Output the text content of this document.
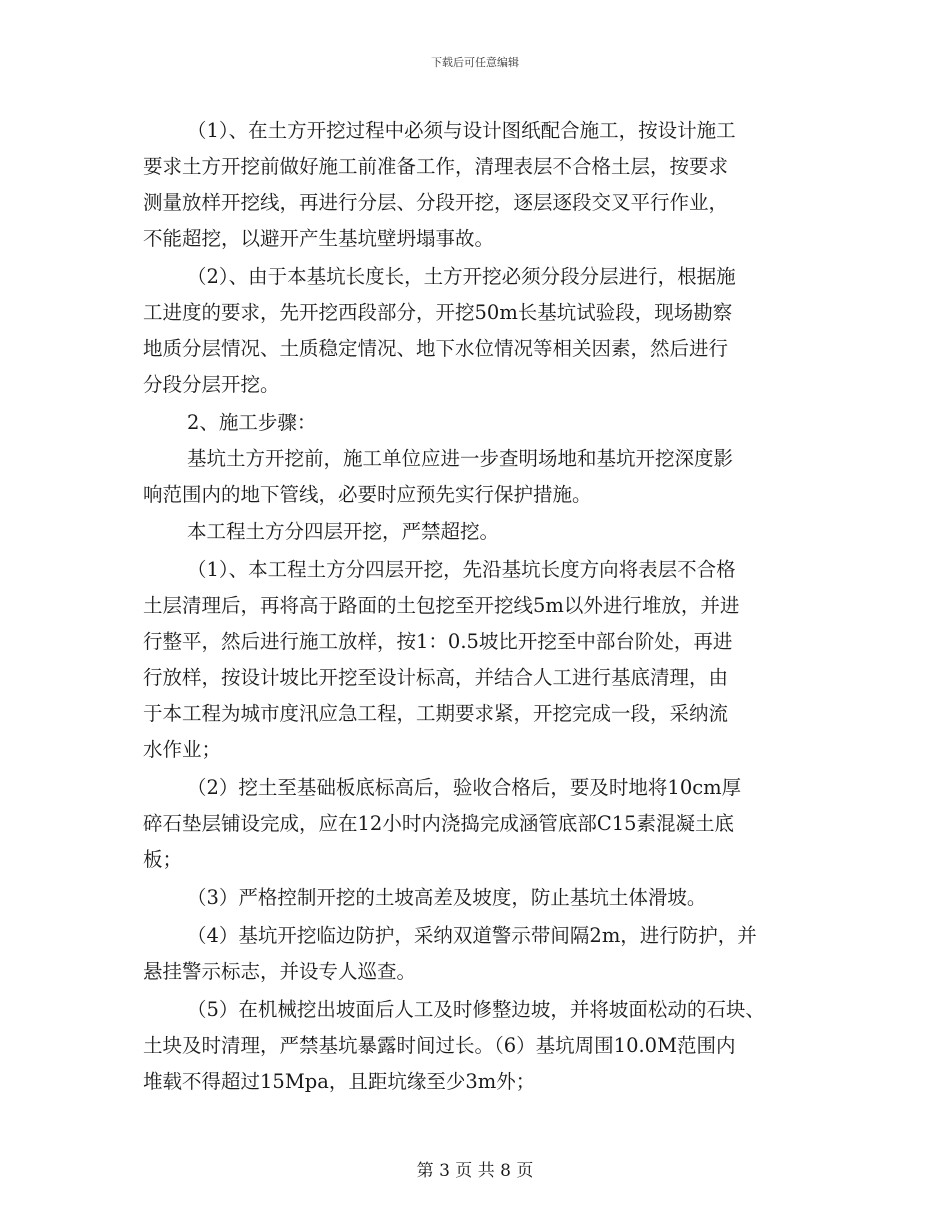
下载后可任意编辑
（1）、在土方开挖过程中必须与设计图纸配合施工，按设计施工
要求土方开挖前做好施工前准备工作，清理表层不合格土层，按要求
测量放样开挖线，再进行分层、分段开挖，逐层逐段交叉平行作业，
不能超挖，以避开产生基坑壁坍塌事故。
（2）、由于本基坑长度长，土方开挖必须分段分层进行，根据施
工进度的要求，先开挖西段部分，开挖50m长基坑试验段，现场勘察
地质分层情况、土质稳定情况、地下水位情况等相关因素，然后进行
分段分层开挖。
2、施工步骤：
基坑土方开挖前，施工单位应进一步查明场地和基坑开挖深度影
响范围内的地下管线，必要时应预先实行保护措施。
本工程土方分四层开挖，严禁超挖。
（1）、本工程土方分四层开挖，先沿基坑长度方向将表层不合格
土层清理后，再将高于路面的土包挖至开挖线5m以外进行堆放，并进
行整平，然后进行施工放样，按1：0.5坡比开挖至中部台阶处，再进
行放样，按设计坡比开挖至设计标高，并结合人工进行基底清理，由
于本工程为城市度汛应急工程，工期要求紧，开挖完成一段，采纳流
水作业；
（2）挖土至基础板底标高后，验收合格后，要及时地将10cm厚
碎石垫层铺设完成，应在12小时内浇捣完成涵管底部C15素混凝土底
板；
（3）严格控制开挖的土坡高差及坡度，防止基坑土体滑坡。
（4）基坑开挖临边防护，采纳双道警示带间隔2m，进行防护，并
悬挂警示标志，并设专人巡查。
（5）在机械挖出坡面后人工及时修整边坡，并将坡面松动的石块、
土块及时清理，严禁基坑暴露时间过长。（6）基坑周围10.0M范围内
堆载不得超过15Mpa，且距坑缘至少3m外；
第 3 页 共 8 页
